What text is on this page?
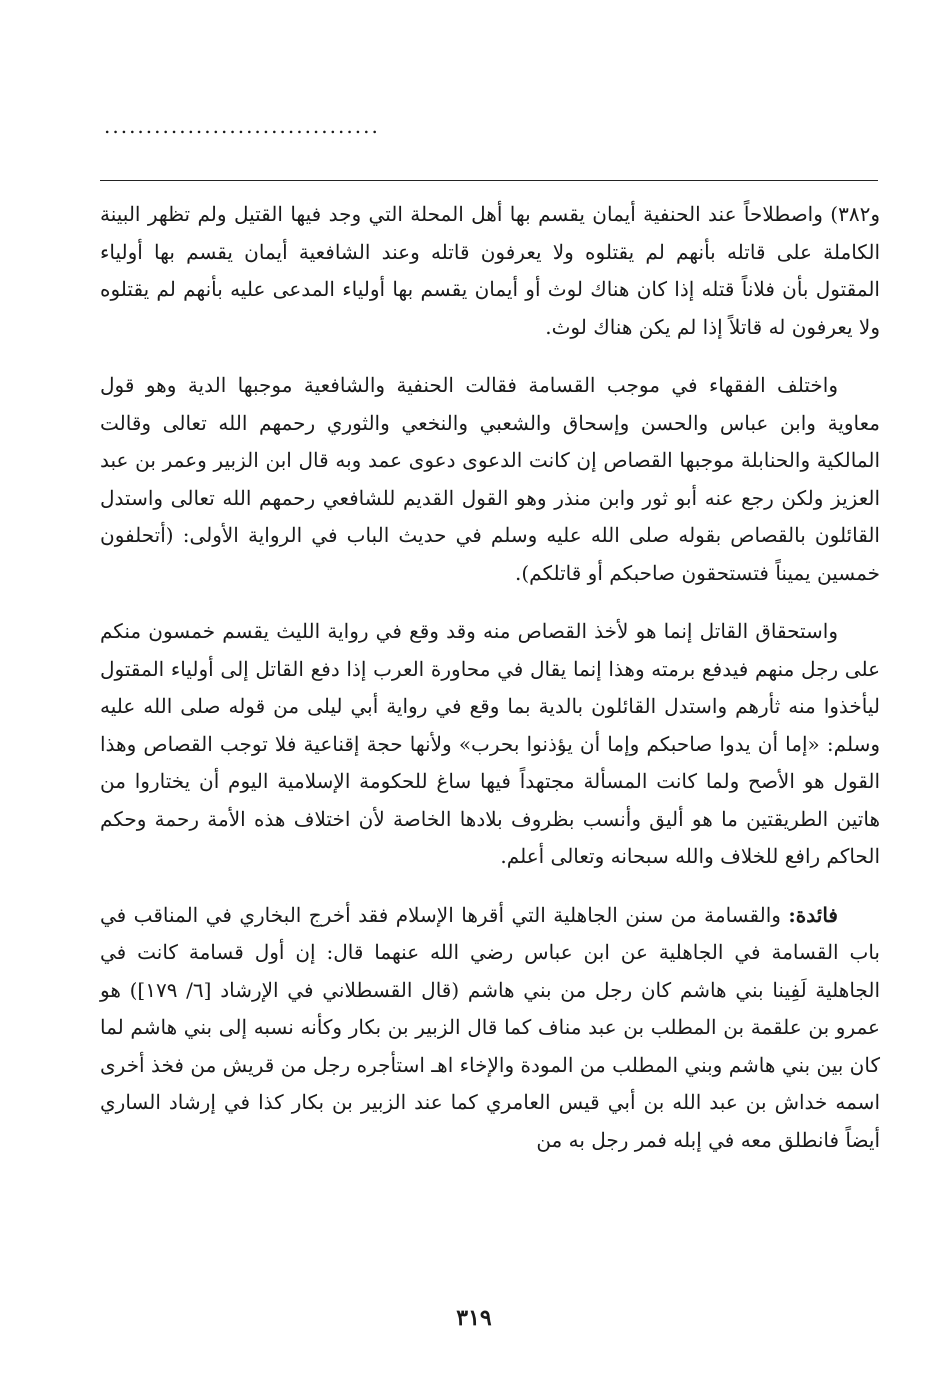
.................................

و٣٨٢) واصطلاحاً عند الحنفية أيمان يقسم بها أهل المحلة التي وجد فيها القتيل ولم تظهر البينة الكاملة على قاتله بأنهم لم يقتلوه ولا يعرفون قاتله وعند الشافعية أيمان يقسم بها أولياء المقتول بأن فلاناً قتله إذا كان هناك لوث أو أيمان يقسم بها أولياء المدعى عليه بأنهم لم يقتلوه ولا يعرفون له قاتلاً إذا لم يكن هناك لوث.

واختلف الفقهاء في موجب القسامة فقالت الحنفية والشافعية موجبها الدية وهو قول معاوية وابن عباس والحسن وإسحاق والشعبي والنخعي والثوري رحمهم الله تعالى وقالت المالكية والحنابلة موجبها القصاص إن كانت الدعوى دعوى عمد وبه قال ابن الزبير وعمر بن عبد العزيز ولكن رجع عنه أبو ثور وابن منذر وهو القول القديم للشافعي رحمهم الله تعالى واستدل القائلون بالقصاص بقوله صلى الله عليه وسلم في حديث الباب في الرواية الأولى: (أتحلفون خمسين يميناً فتستحقون صاحبكم أو قاتلكم).

واستحقاق القاتل إنما هو لأخذ القصاص منه وقد وقع في رواية الليث يقسم خمسون منكم على رجل منهم فيدفع برمته وهذا إنما يقال في محاورة العرب إذا دفع القاتل إلى أولياء المقتول ليأخذوا منه ثأرهم واستدل القائلون بالدية بما وقع في رواية أبي ليلى من قوله صلى الله عليه وسلم: «إما أن يدوا صاحبكم وإما أن يؤذنوا بحرب» ولأنها حجة إقناعية فلا توجب القصاص وهذا القول هو الأصح ولما كانت المسألة مجتهداً فيها ساغ للحكومة الإسلامية اليوم أن يختاروا من هاتين الطريقتين ما هو أليق وأنسب بظروف بلادها الخاصة لأن اختلاف هذه الأمة رحمة وحكم الحاكم رافع للخلاف والله سبحانه وتعالى أعلم.

فائدة: والقسامة من سنن الجاهلية التي أقرها الإسلام فقد أخرج البخاري في المناقب في باب القسامة في الجاهلية عن ابن عباس رضي الله عنهما قال: إن أول قسامة كانت في الجاهلية لَفِينا بني هاشم كان رجل من بني هاشم (قال القسطلاني في الإرشاد [٦/ ١٧٩]) هو عمرو بن علقمة بن المطلب بن عبد مناف كما قال الزبير بن بكار وكأنه نسبه إلى بني هاشم لما كان بين بني هاشم وبني المطلب من المودة والإخاء اهـ استأجره رجل من قريش من فخذ أخرى اسمه خداش بن عبد الله بن أبي قيس العامري كما عند الزبير بن بكار كذا في إرشاد الساري أيضاً فانطلق معه في إبله فمر رجل به من

٣١٩
